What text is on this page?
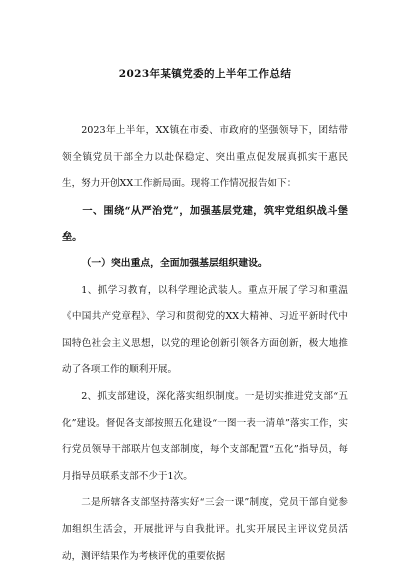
2023年某镇党委的上半年工作总结

2023年上半年，XX镇在市委、市政府的坚强领导下，团结带领全镇党员干部全力以赴保稳定、突出重点促发展真抓实干惠民生，努力开创XX工作新局面。现将工作情况报告如下：

一、围绕“从严治党”，加强基层党建，筑牢党组织战斗堡垒。

（一）突出重点，全面加强基层组织建设。

1、抓学习教育，以科学理论武装人。重点开展了学习和重温《中国共产党章程》、学习和贯彻党的XX大精神、习近平新时代中国特色社会主义思想，以党的理论创新引领各方面创新，极大地推动了各项工作的顺利开展。

2、抓支部建设，深化落实组织制度。一是切实推进党支部“五化”建设。督促各支部按照五化建设“一图一表一清单”落实工作，实行党员领导干部联片包支部制度，每个支部配置“五化”指导员，每月指导员联系支部不少于1次。

二是所辖各支部坚持落实好“三会一课”制度，党员干部自觉参加组织生活会，开展批评与自我批评。扎实开展民主评议党员活动，测评结果作为考核评优的重要依据
